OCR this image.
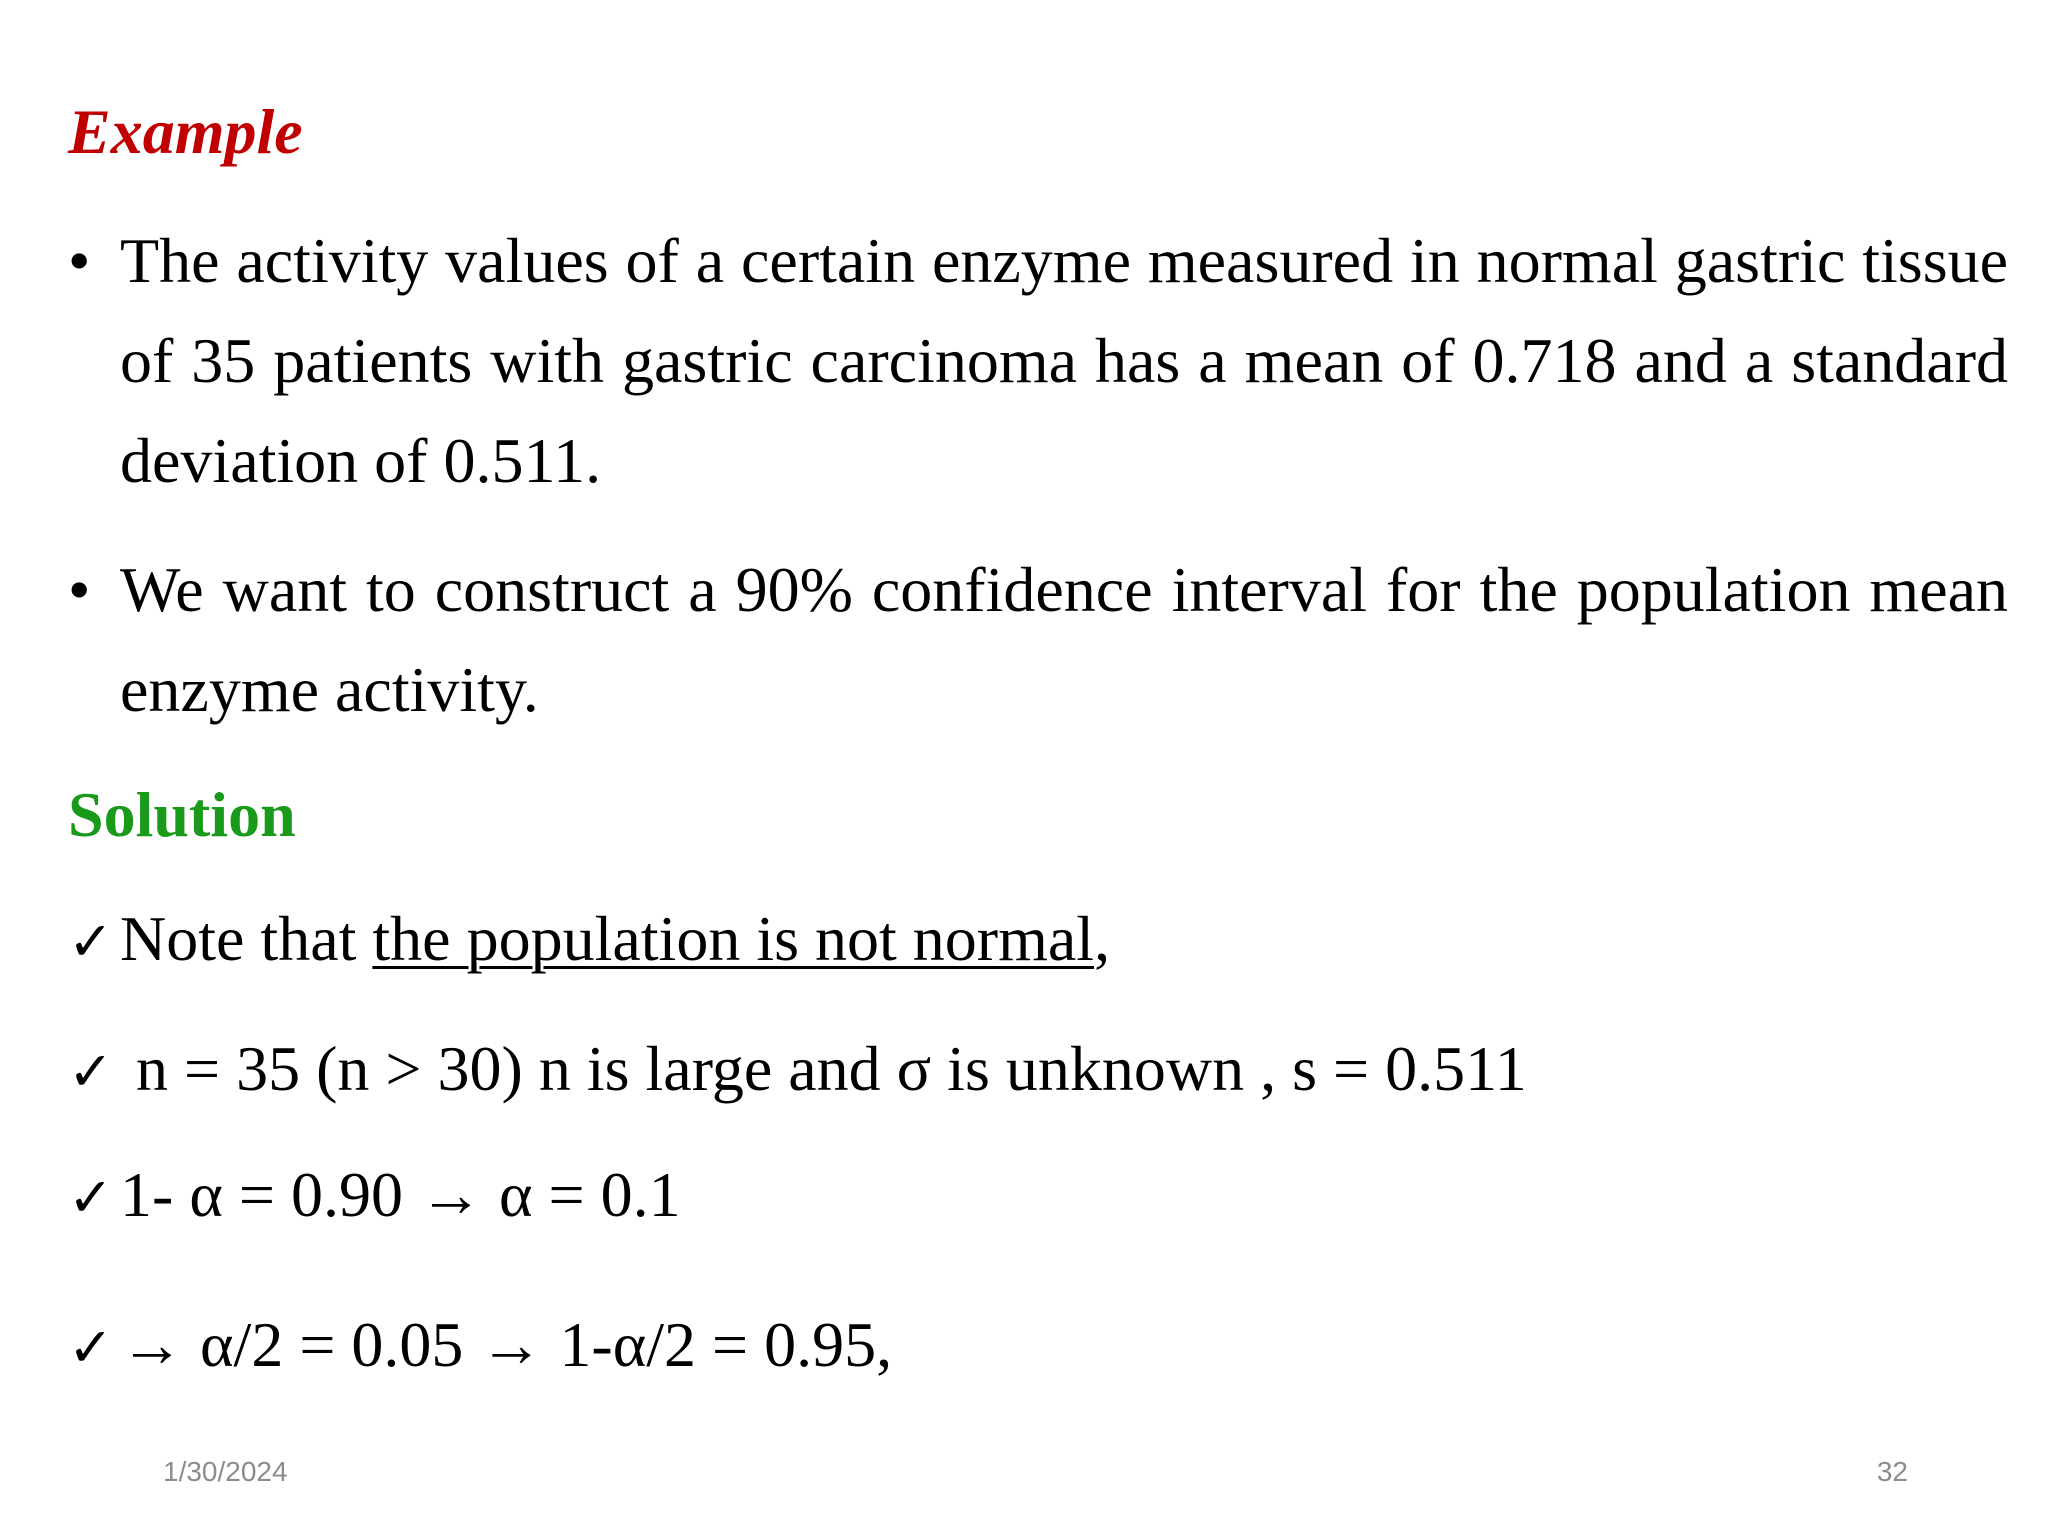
Example
• The activity values of a certain enzyme measured in normal gastric tissue of 35 patients with gastric carcinoma has a mean of 0.718 and a standard deviation of 0.511.
• We want to construct a 90% confidence interval for the population mean enzyme activity.
Solution
✓ Note that the population is not normal,
✓ n = 35 (n > 30) n is large and σ is unknown , s = 0.511
✓ 1- α = 0.90 → α = 0.1
✓ → α/2 = 0.05 → 1-α/2 = 0.95,
1/30/2024	32
